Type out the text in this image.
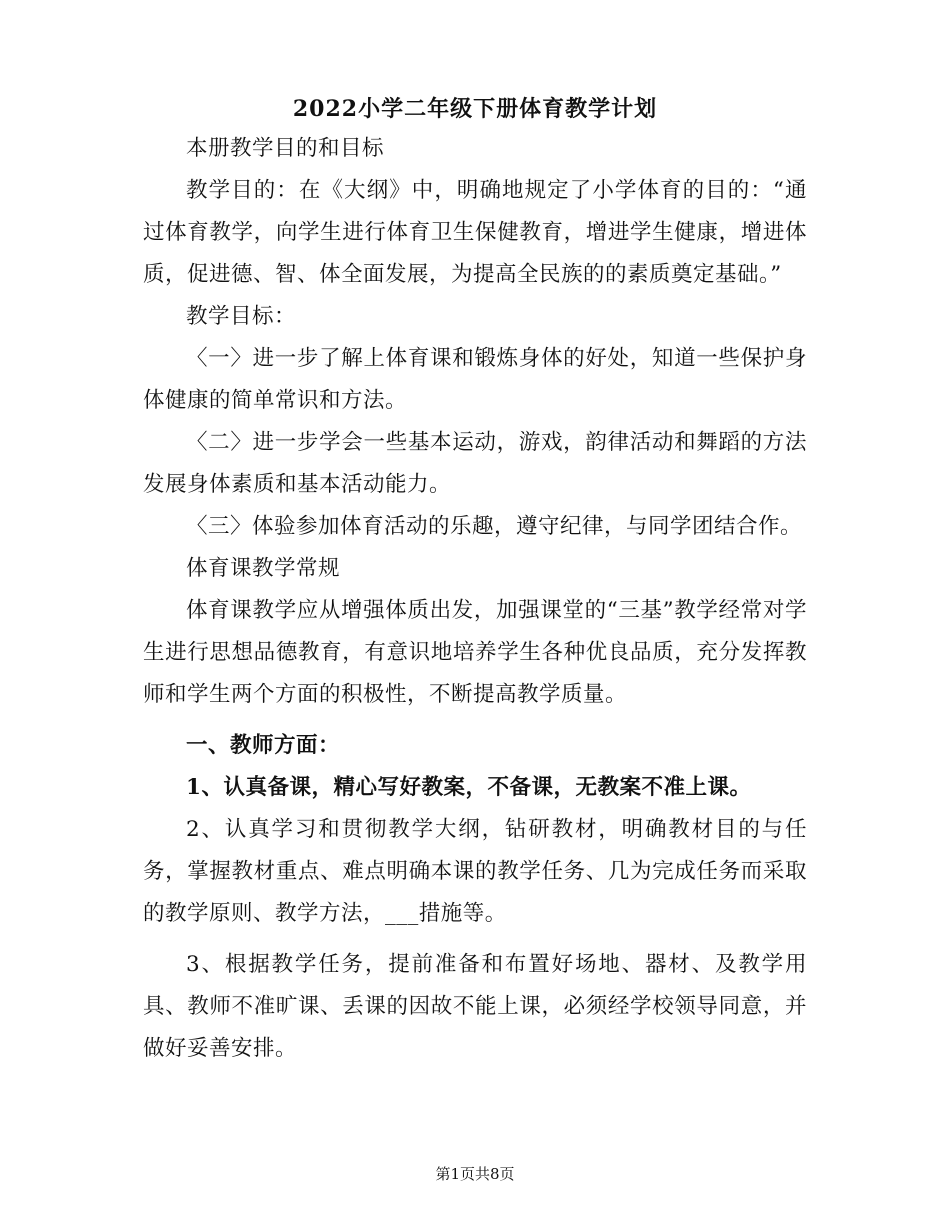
2022小学二年级下册体育教学计划

本册教学目的和目标

教学目的：在《大纲》中，明确地规定了小学体育的目的：“通过体育教学，向学生进行体育卫生保健教育，增进学生健康，增进体质，促进德、智、体全面发展，为提高全民族的的素质奠定基础。”

教学目标：

〈一〉进一步了解上体育课和锻炼身体的好处，知道一些保护身体健康的简单常识和方法。

〈二〉进一步学会一些基本运动，游戏，韵律活动和舞蹈的方法发展身体素质和基本活动能力。

〈三〉体验参加体育活动的乐趣，遵守纪律，与同学团结合作。

体育课教学常规

体育课教学应从增强体质出发，加强课堂的“三基”教学经常对学生进行思想品德教育，有意识地培养学生各种优良品质，充分发挥教师和学生两个方面的积极性，不断提高教学质量。

一、教师方面：

1、认真备课，精心写好教案，不备课，无教案不准上课。

2、认真学习和贯彻教学大纲，钻研教材，明确教材目的与任务，掌握教材重点、难点明确本课的教学任务、几为完成任务而采取的教学原则、教学方法，___措施等。

3、根据教学任务，提前准备和布置好场地、器材、及教学用具、教师不准旷课、丢课的因故不能上课，必须经学校领导同意，并做好妥善安排。

第1页共8页
